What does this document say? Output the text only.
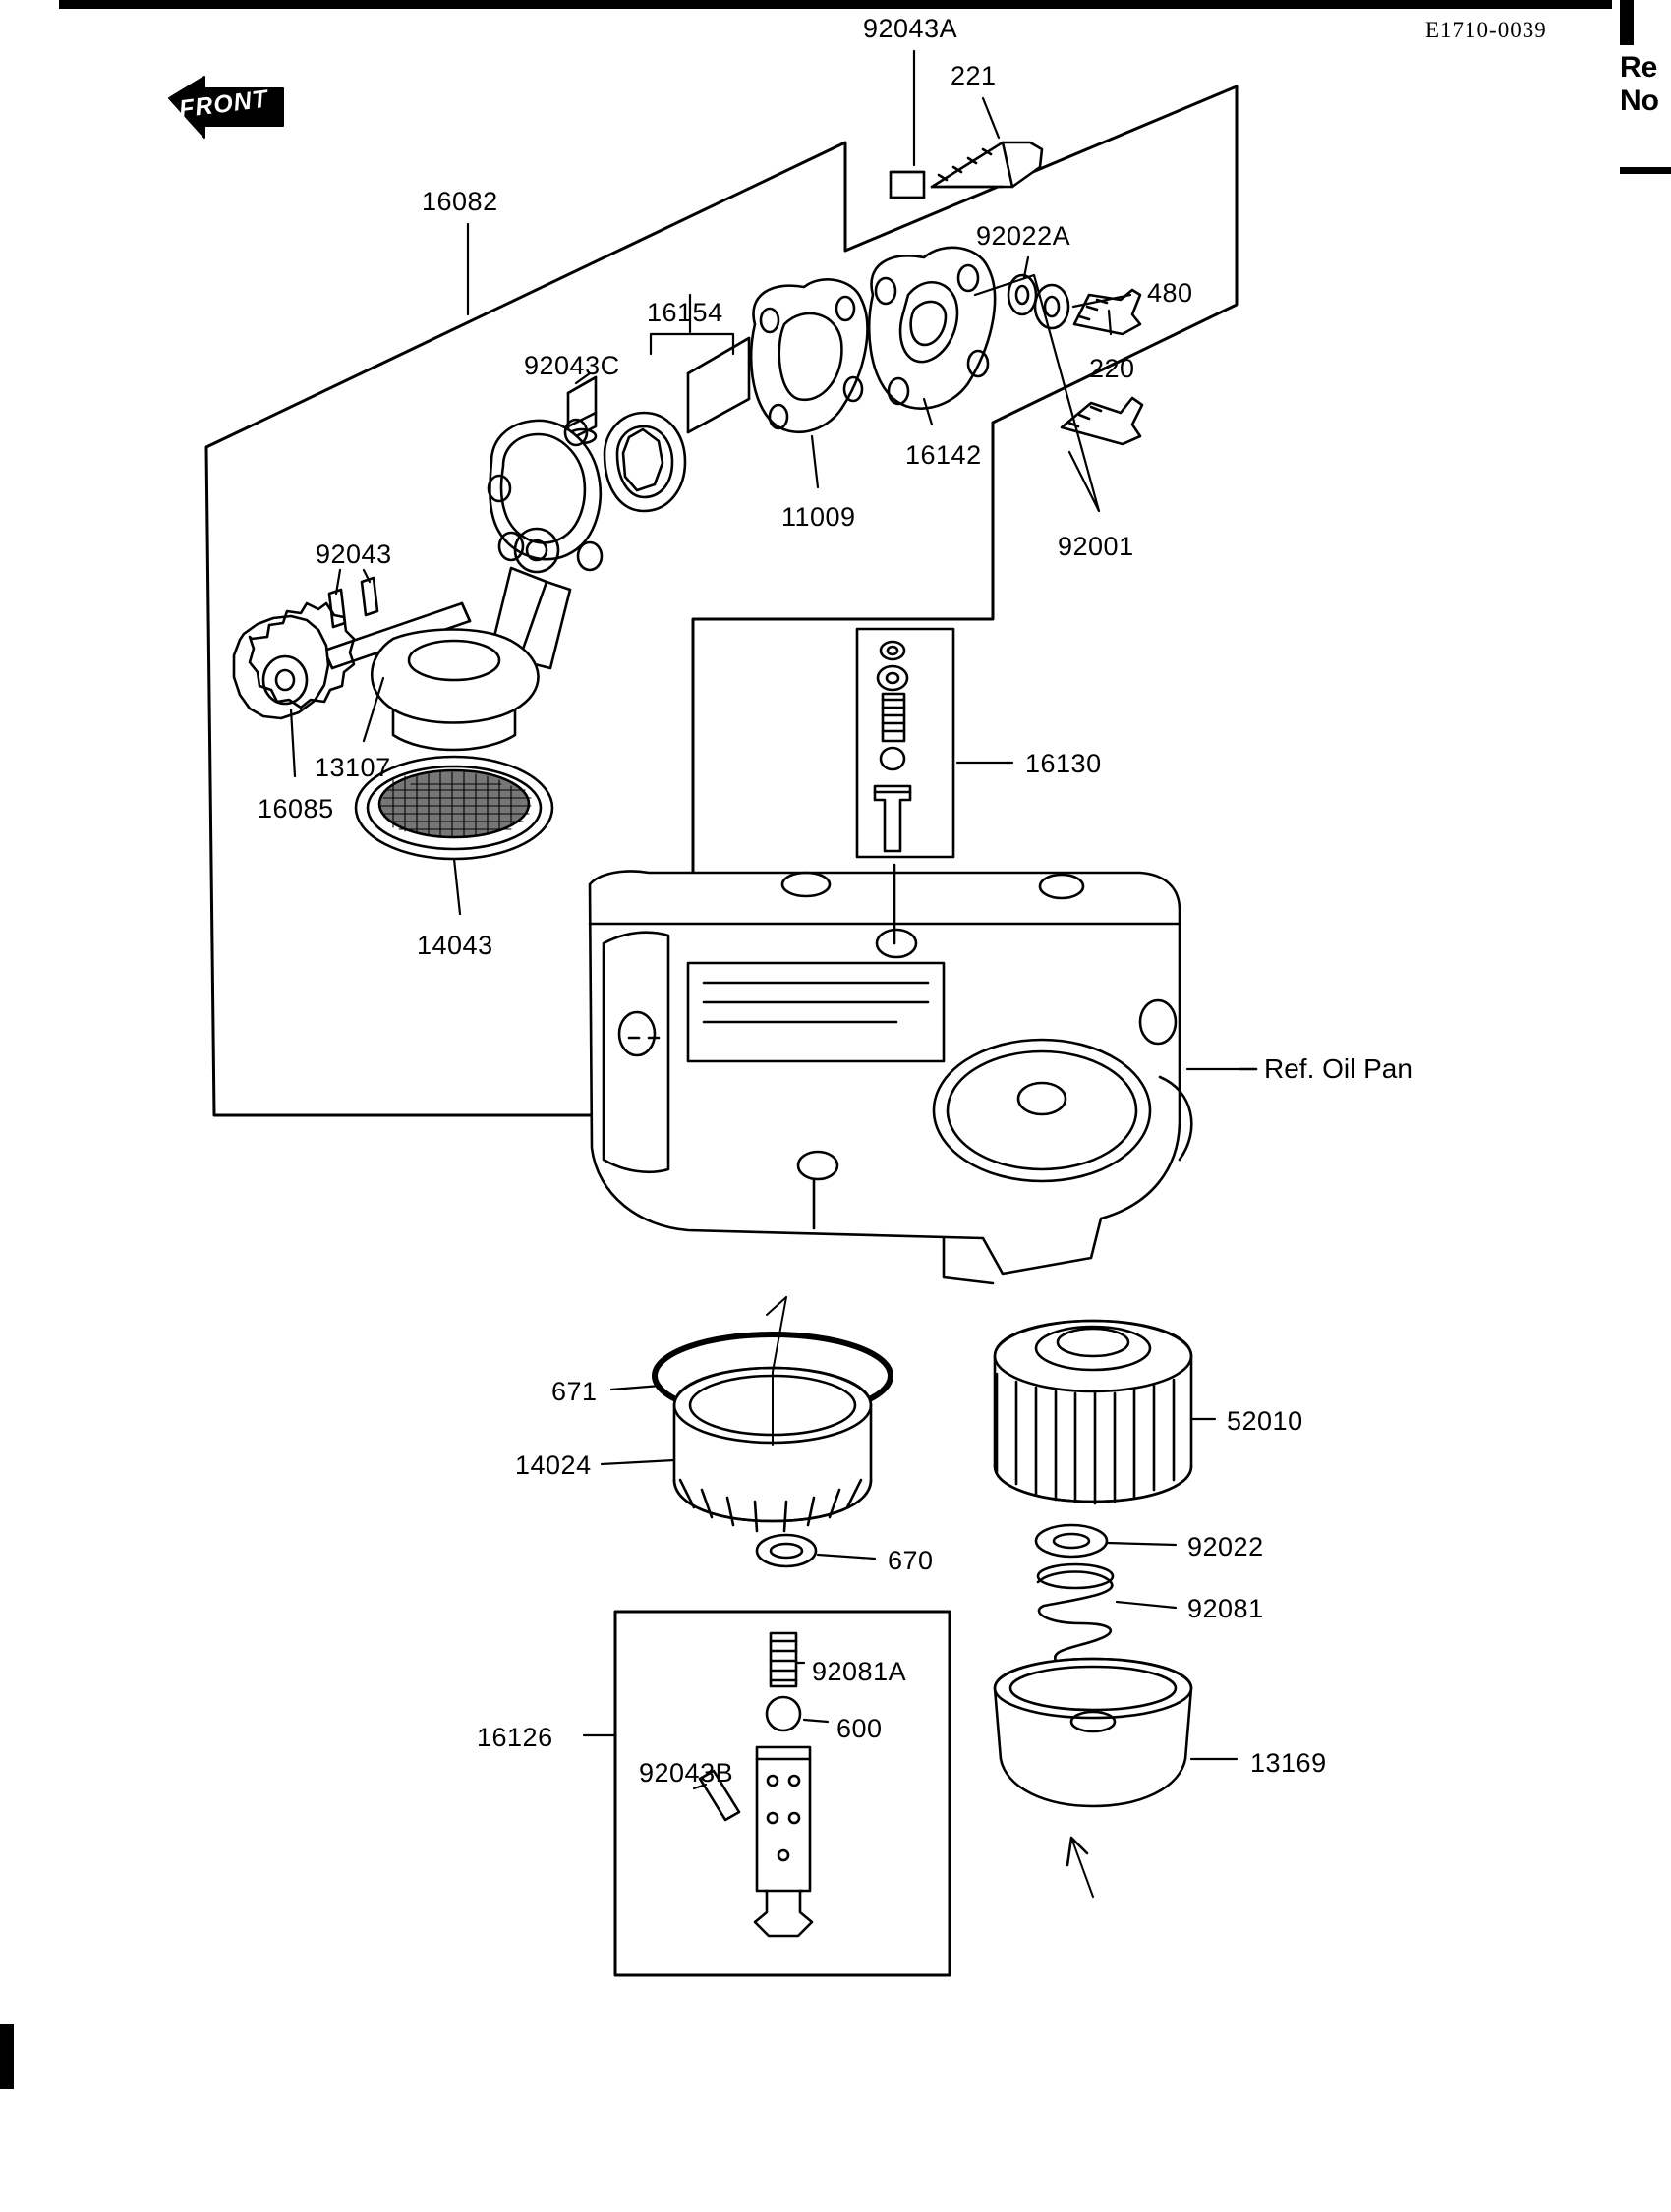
E1710-0039
Re
No
FRONT
Ref. Oil Pan
92043A
221
16082
92022A
480
16154
220
92043C
16142
11009
92001
92043
13107
16085
16130
14043
671
52010
14024
670	92022
92081
92081A
600
16126
13169
92043B
